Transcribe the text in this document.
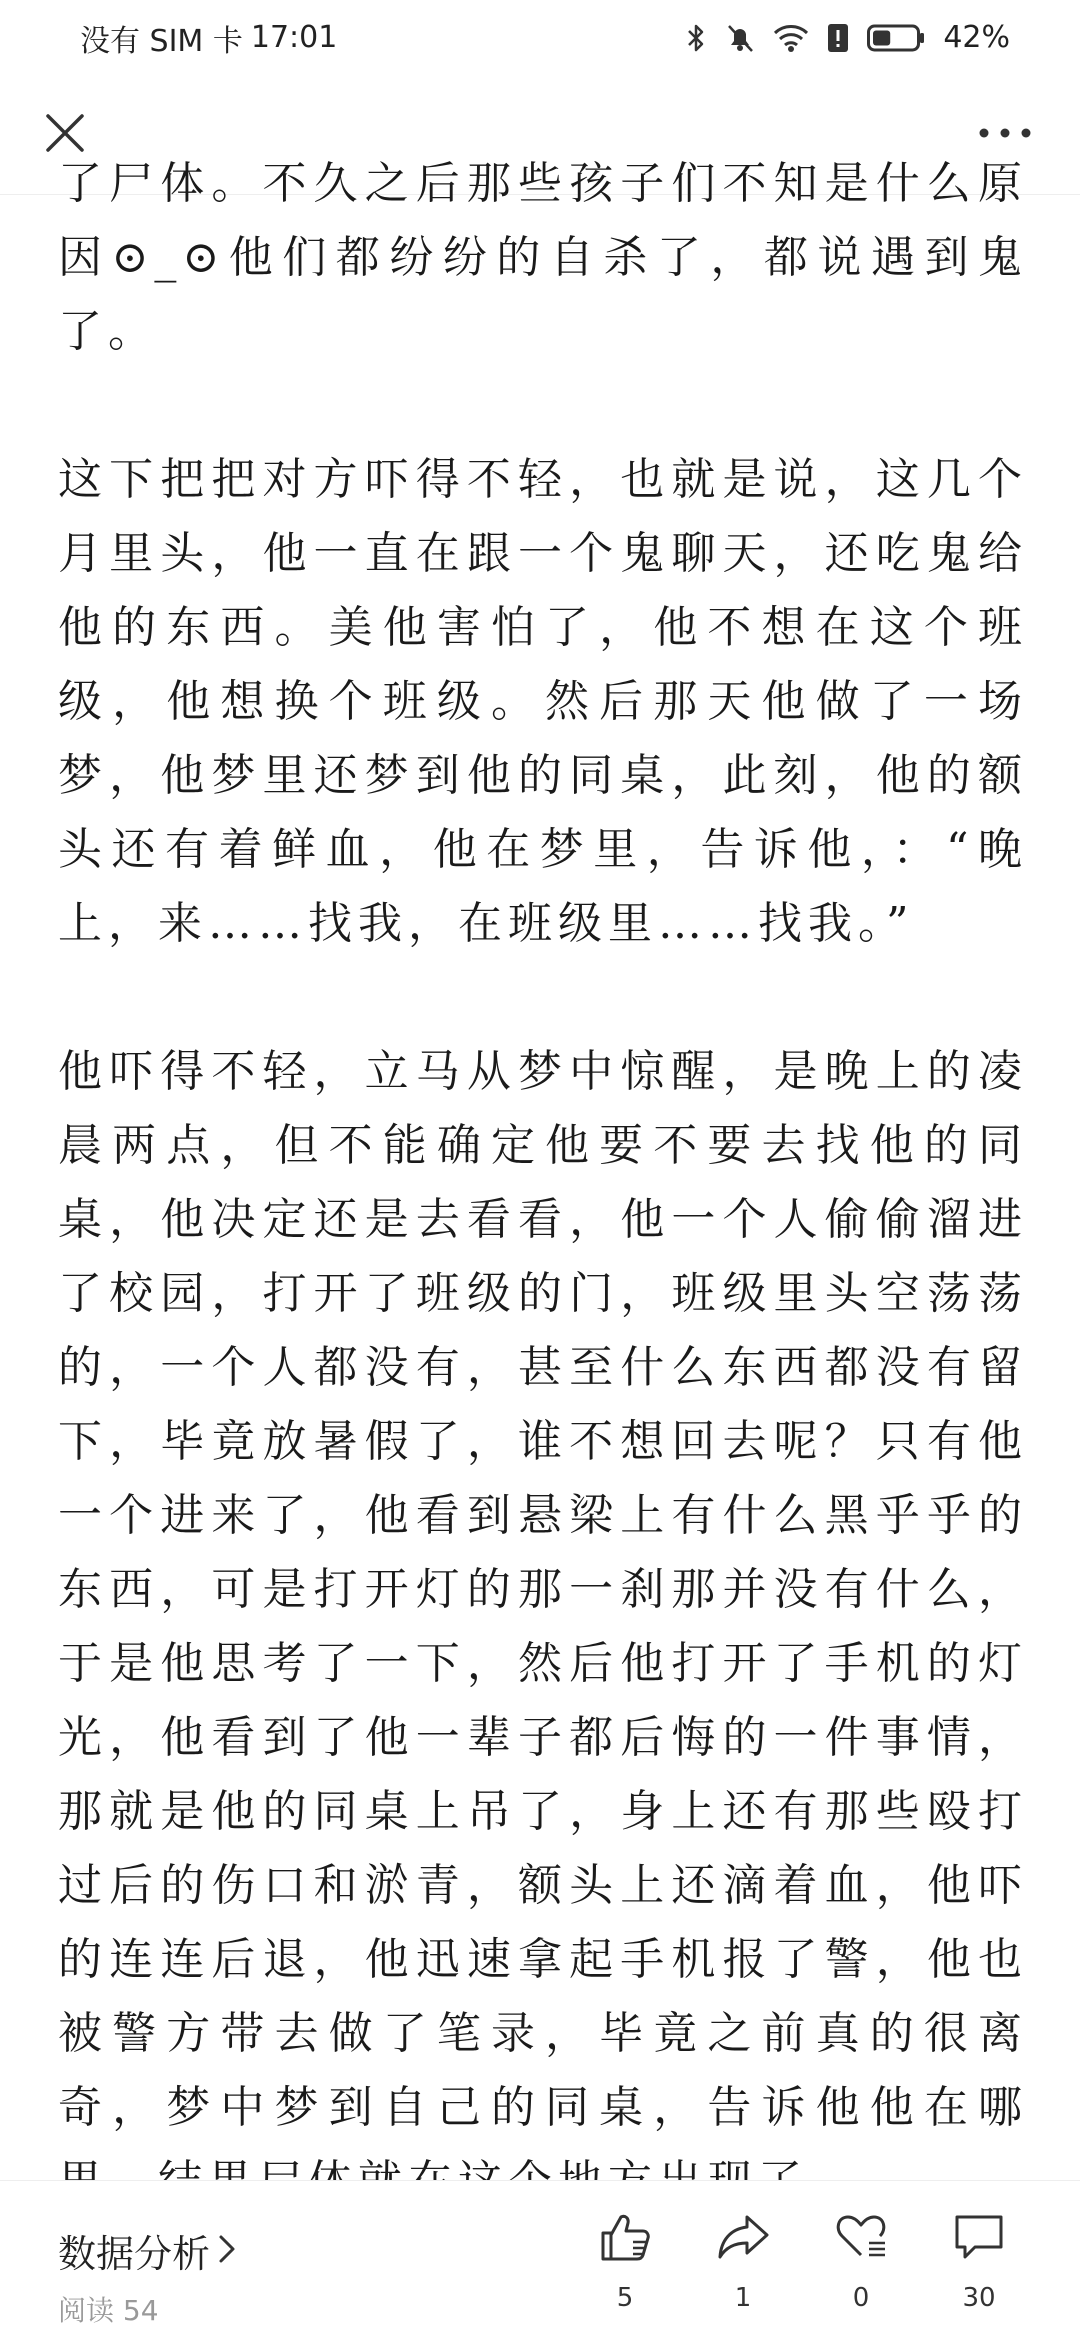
没有 SIM 卡 17:01	42%

了尸体。不久之后那些孩子们不知是什么原因⊙_⊙他们都纷纷的自杀了，都说遇到鬼了。

这下把把对方吓得不轻，也就是说，这几个月里头，他一直在跟一个鬼聊天，还吃鬼给他的东西。美他害怕了，他不想在这个班级，他想换个班级。然后那天他做了一场梦，他梦里还梦到他的同桌，此刻，他的额头还有着鲜血，他在梦里，告诉他，：“晚上，来……找我，在班级里……找我。”

他吓得不轻，立马从梦中惊醒，是晚上的凌晨两点，但不能确定他要不要去找他的同桌，他决定还是去看看，他一个人偷偷溜进了校园，打开了班级的门，班级里头空荡荡的，一个人都没有，甚至什么东西都没有留下，毕竟放暑假了，谁不想回去呢？只有他一个进来了，他看到悬梁上有什么黑乎乎的东西，可是打开灯的那一刹那并没有什么，于是他思考了一下，然后他打开了手机的灯光，他看到了他一辈子都后悔的一件事情，那就是他的同桌上吊了，身上还有那些殴打过后的伤口和淤青，额头上还滴着血，他吓的连连后退，他迅速拿起手机报了警，他也被警方带去做了笔录，毕竟之前真的很离奇，梦中梦到自己的同桌，告诉他他在哪

数据分析
阅读 54	5	1	0	30
